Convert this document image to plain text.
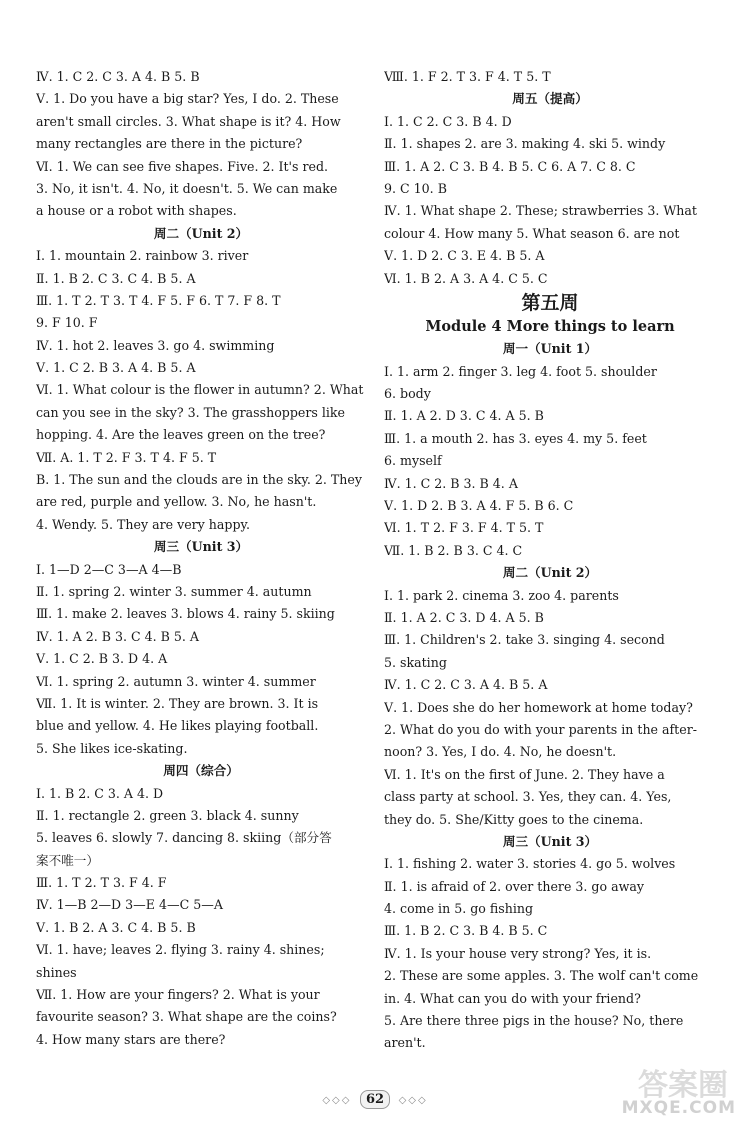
Ⅳ. 1. C 2. C 3. A 4. B 5. B
Ⅴ. 1. Do you have a big star? Yes, I do. 2. These
aren't small circles. 3. What shape is it? 4. How
many rectangles are there in the picture?
Ⅵ. 1. We can see five shapes. Five. 2. It's red.
3. No, it isn't. 4. No, it doesn't. 5. We can make
a house or a robot with shapes.
周二（Unit 2）
Ⅰ. 1. mountain 2. rainbow 3. river
Ⅱ. 1. B 2. C 3. C 4. B 5. A
Ⅲ. 1. T 2. T 3. T 4. F 5. F 6. T 7. F 8. T
9. F 10. F
Ⅳ. 1. hot 2. leaves 3. go 4. swimming
Ⅴ. 1. C 2. B 3. A 4. B 5. A
Ⅵ. 1. What colour is the flower in autumn? 2. What
can you see in the sky? 3. The grasshoppers like
hopping. 4. Are the leaves green on the tree?
Ⅶ. A. 1. T 2. F 3. T 4. F 5. T
B. 1. The sun and the clouds are in the sky. 2. They
are red, purple and yellow. 3. No, he hasn't.
4. Wendy. 5. They are very happy.
周三（Unit 3）
Ⅰ. 1—D 2—C 3—A 4—B
Ⅱ. 1. spring 2. winter 3. summer 4. autumn
Ⅲ. 1. make 2. leaves 3. blows 4. rainy 5. skiing
Ⅳ. 1. A 2. B 3. C 4. B 5. A
Ⅴ. 1. C 2. B 3. D 4. A
Ⅵ. 1. spring 2. autumn 3. winter 4. summer
Ⅶ. 1. It is winter. 2. They are brown. 3. It is
blue and yellow. 4. He likes playing football.
5. She likes ice-skating.
周四（综合）
Ⅰ. 1. B 2. C 3. A 4. D
Ⅱ. 1. rectangle 2. green 3. black 4. sunny
5. leaves 6. slowly 7. dancing 8. skiing（部分答
案不唯一）
Ⅲ. 1. T 2. T 3. F 4. F
Ⅳ. 1—B 2—D 3—E 4—C 5—A
Ⅴ. 1. B 2. A 3. C 4. B 5. B
Ⅵ. 1. have; leaves 2. flying 3. rainy 4. shines;
shines
Ⅶ. 1. How are your fingers? 2. What is your
favourite season? 3. What shape are the coins?
4. How many stars are there?
Ⅷ. 1. F 2. T 3. F 4. T 5. T
周五（提高）
Ⅰ. 1. C 2. C 3. B 4. D
Ⅱ. 1. shapes 2. are 3. making 4. ski 5. windy
Ⅲ. 1. A 2. C 3. B 4. B 5. C 6. A 7. C 8. C
9. C 10. B
Ⅳ. 1. What shape 2. These; strawberries 3. What
colour 4. How many 5. What season 6. are not
Ⅴ. 1. D 2. C 3. E 4. B 5. A
Ⅵ. 1. B 2. A 3. A 4. C 5. C
第五周
Module 4 More things to learn
周一（Unit 1）
Ⅰ. 1. arm 2. finger 3. leg 4. foot 5. shoulder
6. body
Ⅱ. 1. A 2. D 3. C 4. A 5. B
Ⅲ. 1. a mouth 2. has 3. eyes 4. my 5. feet
6. myself
Ⅳ. 1. C 2. B 3. B 4. A
Ⅴ. 1. D 2. B 3. A 4. F 5. B 6. C
Ⅵ. 1. T 2. F 3. F 4. T 5. T
Ⅶ. 1. B 2. B 3. C 4. C
周二（Unit 2）
Ⅰ. 1. park 2. cinema 3. zoo 4. parents
Ⅱ. 1. A 2. C 3. D 4. A 5. B
Ⅲ. 1. Children's 2. take 3. singing 4. second
5. skating
Ⅳ. 1. C 2. C 3. A 4. B 5. A
Ⅴ. 1. Does she do her homework at home today?
2. What do you do with your parents in the after-
noon? 3. Yes, I do. 4. No, he doesn't.
Ⅵ. 1. It's on the first of June. 2. They have a
class party at school. 3. Yes, they can. 4. Yes,
they do. 5. She/Kitty goes to the cinema.
周三（Unit 3）
Ⅰ. 1. fishing 2. water 3. stories 4. go 5. wolves
Ⅱ. 1. is afraid of 2. over there 3. go away
4. come in 5. go fishing
Ⅲ. 1. B 2. C 3. B 4. B 5. C
Ⅳ. 1. Is your house very strong? Yes, it is.
2. These are some apples. 3. The wolf can't come
in. 4. What can you do with your friend?
5. Are there three pigs in the house? No, there
aren't.
◇◇◇ 62 ◇◇◇	答案圈
MXQE.COM
